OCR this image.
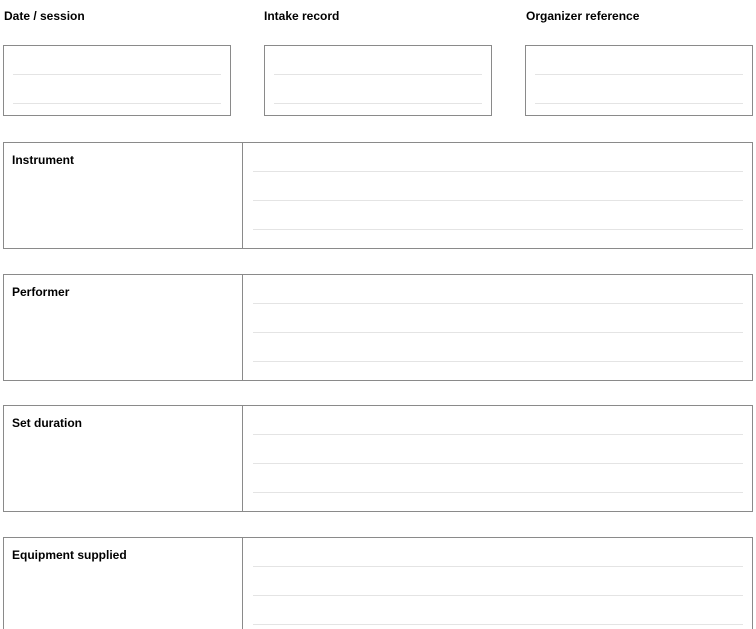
Date / session	Intake record	Organizer reference
Instrument
Performer
Set duration
Equipment supplied
